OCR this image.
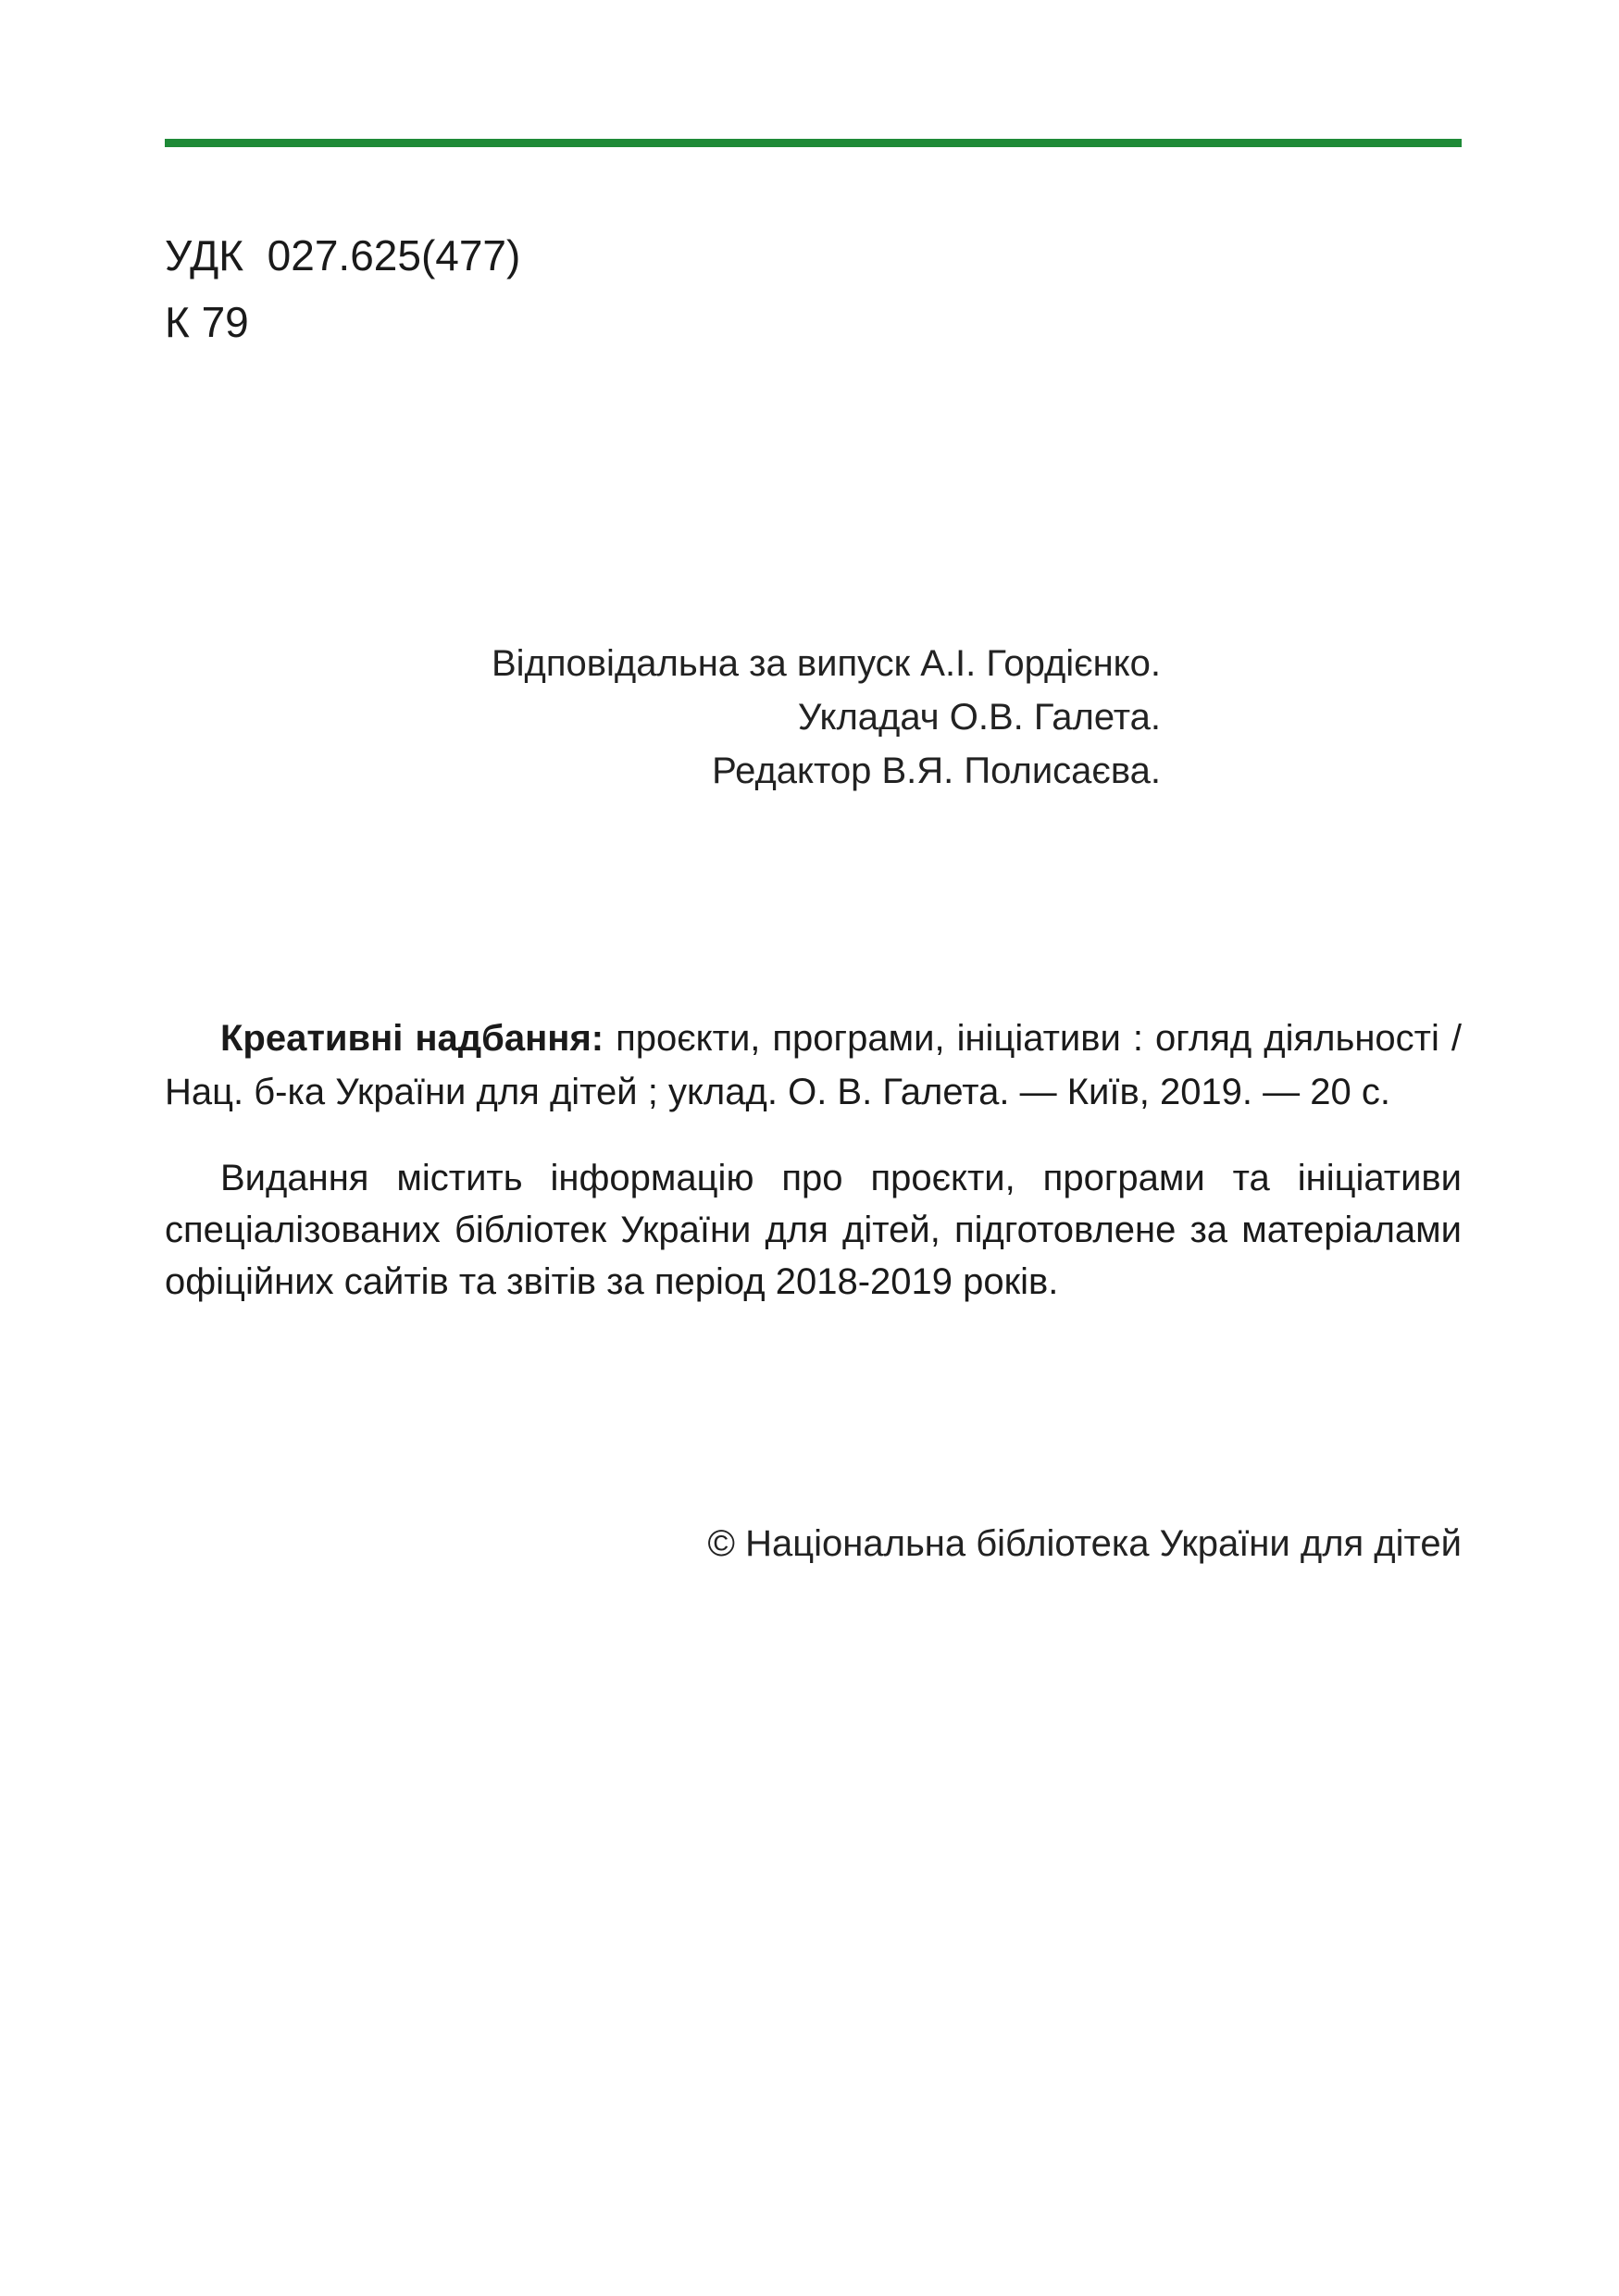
УДК  027.625(477)
К 79
Відповідальна за випуск А.І. Гордієнко.
Укладач О.В. Галета.
Редактор В.Я. Полисаєва.
Креативні надбання: проєкти, програми, ініціативи : огляд діяльності / Нац. б-ка України для дітей ; уклад. О. В. Галета. — Київ, 2019. — 20 с.
Видання містить інформацію про проєкти, програми та ініціативи спеціалізованих бібліотек України для дітей, підготовлене за матеріалами офіційних сайтів та звітів за період 2018-2019 років.
© Національна бібліотека України для дітей
